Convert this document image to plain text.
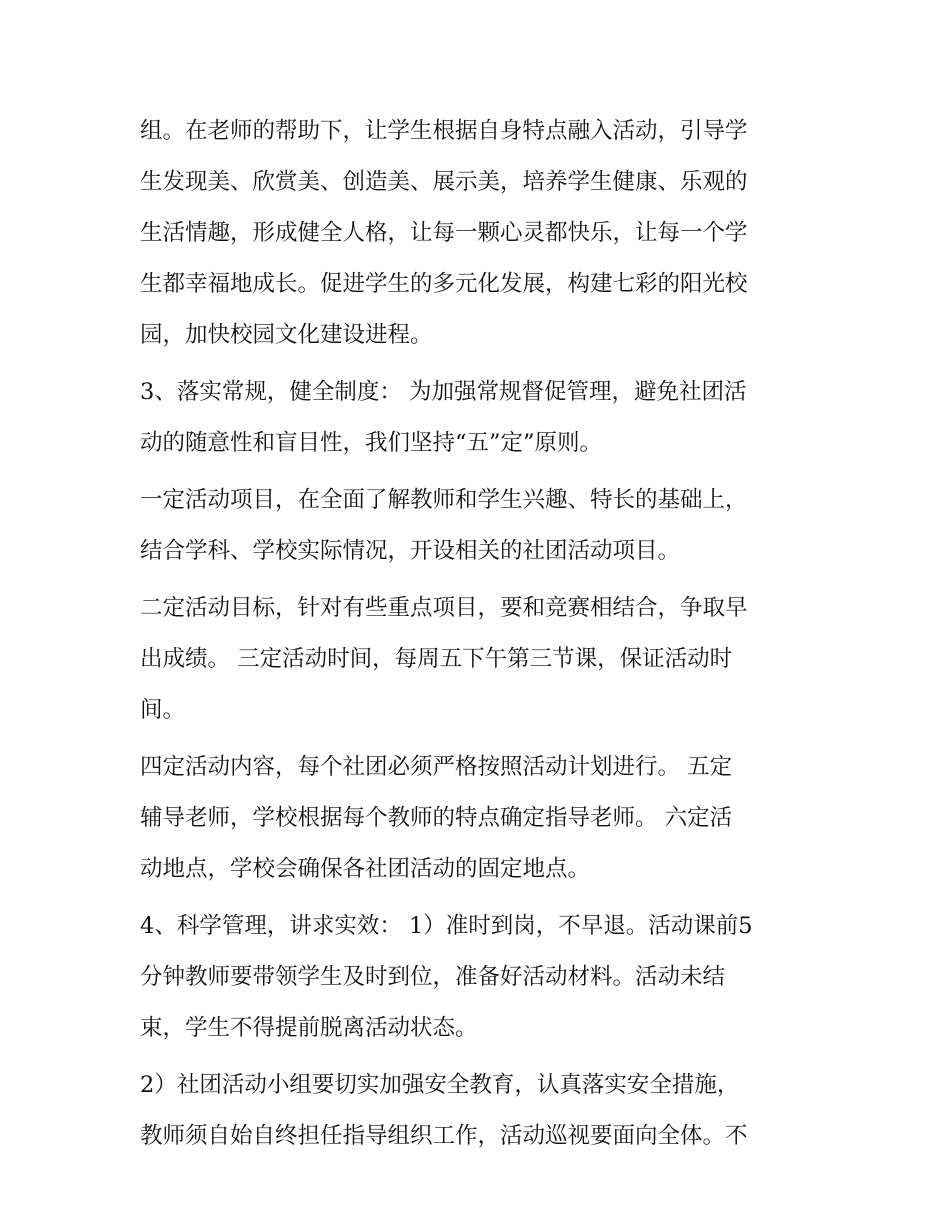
组。在老师的帮助下，让学生根据自身特点融入活动，引导学
生发现美、欣赏美、创造美、展示美，培养学生健康、乐观的
生活情趣，形成健全人格，让每一颗心灵都快乐，让每一个学
生都幸福地成长。促进学生的多元化发展，构建七彩的阳光校
园，加快校园文化建设进程。

3、落实常规，健全制度： 为加强常规督促管理，避免社团活
动的随意性和盲目性，我们坚持“五”定”原则。

一定活动项目，在全面了解教师和学生兴趣、特长的基础上，
结合学科、学校实际情况，开设相关的社团活动项目。

二定活动目标，针对有些重点项目，要和竞赛相结合，争取早
出成绩。 三定活动时间，每周五下午第三节课，保证活动时
间。

四定活动内容，每个社团必须严格按照活动计划进行。 五定
辅导老师，学校根据每个教师的特点确定指导老师。 六定活
动地点，学校会确保各社团活动的固定地点。

4、科学管理，讲求实效： 1）准时到岗，不早退。活动课前5
分钟教师要带领学生及时到位，准备好活动材料。活动未结
束，学生不得提前脱离活动状态。

2）社团活动小组要切实加强安全教育，认真落实安全措施，
教师须自始自终担任指导组织工作，活动巡视要面向全体。不
